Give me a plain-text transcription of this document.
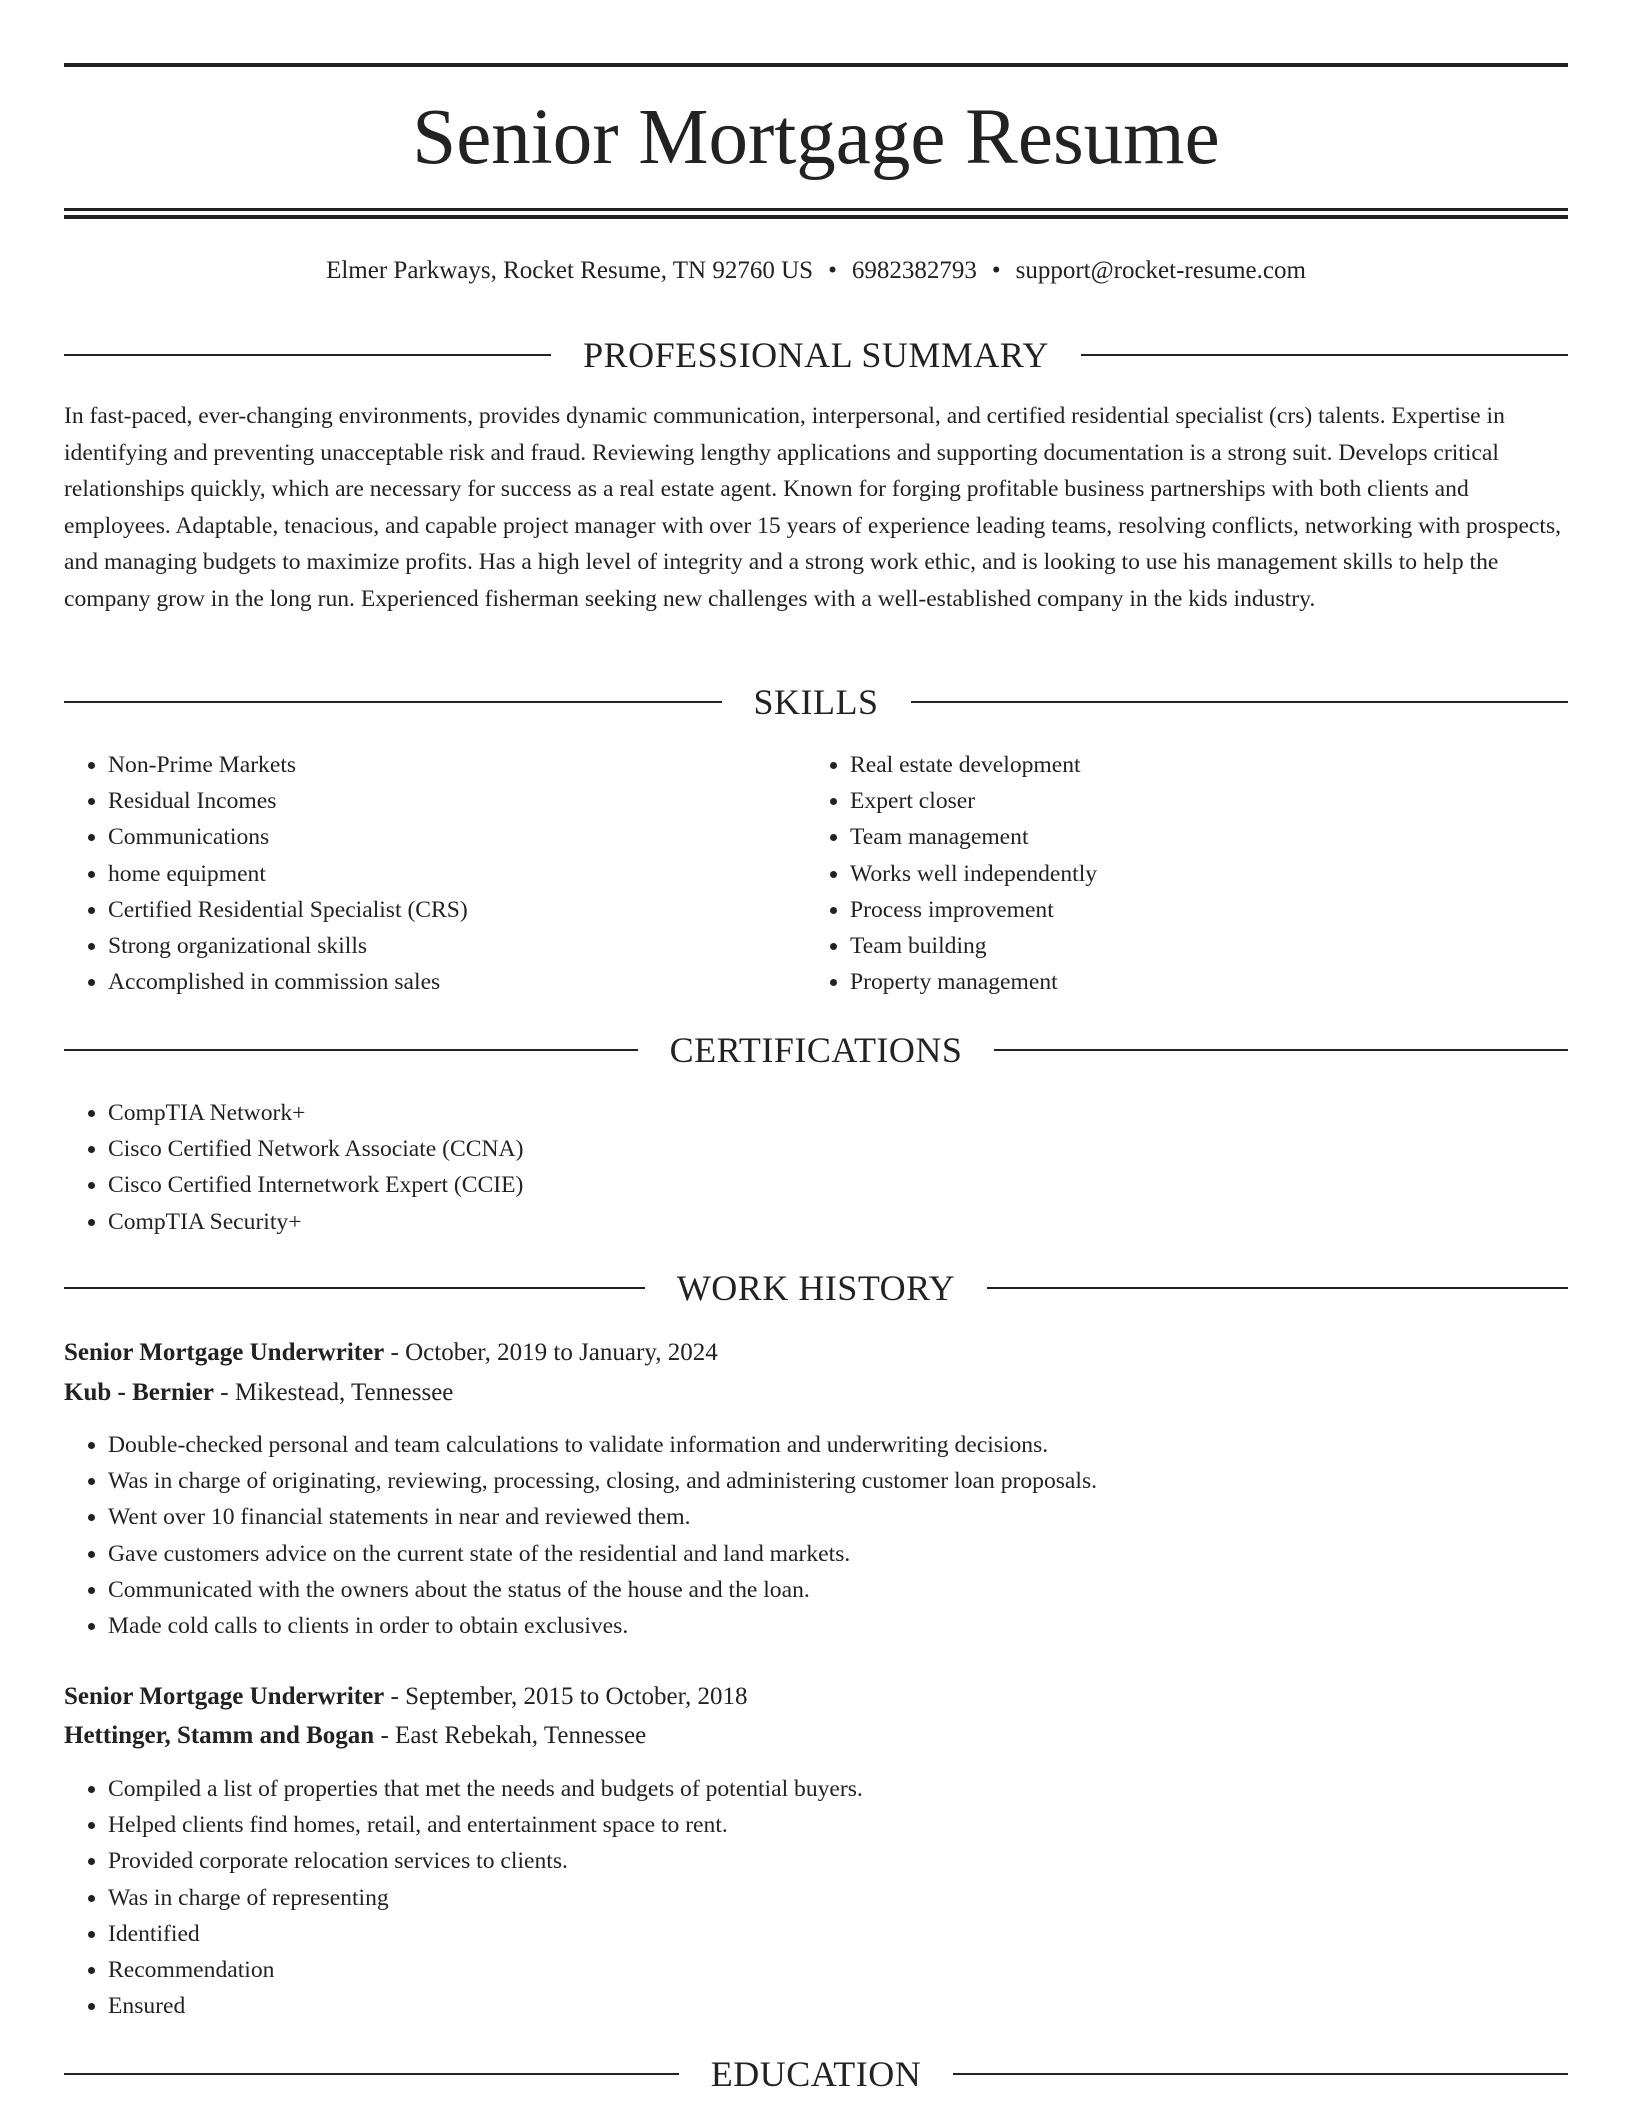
Senior Mortgage Resume
Elmer Parkways, Rocket Resume, TN 92760 US • 6982382793 • support@rocket-resume.com
PROFESSIONAL SUMMARY

In fast-paced, ever-changing environments, provides dynamic communication, interpersonal, and certified residential specialist (crs) talents. Expertise in identifying and preventing unacceptable risk and fraud. Reviewing lengthy applications and supporting documentation is a strong suit. Develops critical relationships quickly, which are necessary for success as a real estate agent. Known for forging profitable business partnerships with both clients and employees. Adaptable, tenacious, and capable project manager with over 15 years of experience leading teams, resolving conflicts, networking with prospects, and managing budgets to maximize profits. Has a high level of integrity and a strong work ethic, and is looking to use his management skills to help the company grow in the long run. Experienced fisherman seeking new challenges with a well-established company in the kids industry.

SKILLS
• Non-Prime Markets
• Residual Incomes
• Communications
• home equipment
• Certified Residential Specialist (CRS)
• Strong organizational skills
• Accomplished in commission sales
• Real estate development
• Expert closer
• Team management
• Works well independently
• Process improvement
• Team building
• Property management
CERTIFICATIONS
• CompTIA Network+
• Cisco Certified Network Associate (CCNA)
• Cisco Certified Internetwork Expert (CCIE)
• CompTIA Security+
WORK HISTORY
Senior Mortgage Underwriter - October, 2019 to January, 2024
Kub - Bernier - Mikestead, Tennessee
• Double-checked personal and team calculations to validate information and underwriting decisions.
• Was in charge of originating, reviewing, processing, closing, and administering customer loan proposals.
• Went over 10 financial statements in near and reviewed them.
• Gave customers advice on the current state of the residential and land markets.
• Communicated with the owners about the status of the house and the loan.
• Made cold calls to clients in order to obtain exclusives.
Senior Mortgage Underwriter - September, 2015 to October, 2018
Hettinger, Stamm and Bogan - East Rebekah, Tennessee
• Compiled a list of properties that met the needs and budgets of potential buyers.
• Helped clients find homes, retail, and entertainment space to rent.
• Provided corporate relocation services to clients.
• Was in charge of representing
• Identified
• Recommendation
• Ensured
EDUCATION
